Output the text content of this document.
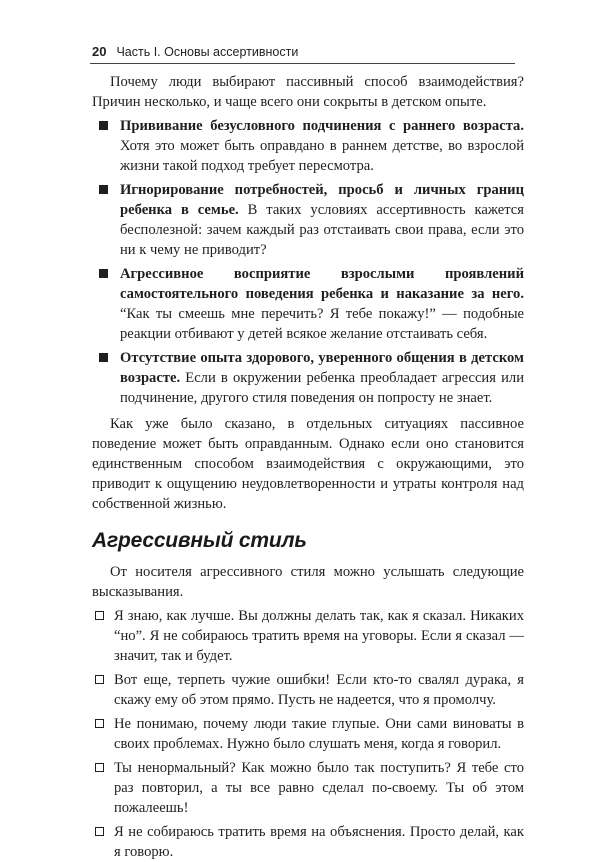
20 Часть I. Основы ассертивности

Почему люди выбирают пассивный способ взаимодействия? Причин несколько, и чаще всего они сокрыты в детском опыте.

Прививание безусловного подчинения с раннего возраста. Хотя это может быть оправдано в раннем детстве, во взрослой жизни такой подход требует пересмотра.
Игнорирование потребностей, просьб и личных границ ребенка в семье. В таких условиях ассертивность кажется бесполезной: зачем каждый раз отстаивать свои права, если это ни к чему не приводит?
Агрессивное восприятие взрослыми проявлений самостоятельного поведения ребенка и наказание за него. “Как ты смеешь мне перечить? Я тебе покажу!” — подобные реакции отбивают у детей всякое желание отстаивать себя.
Отсутствие опыта здорового, уверенного общения в детском возрасте. Если в окружении ребенка преобладает агрессия или подчинение, другого стиля поведения он попросту не знает.

Как уже было сказано, в отдельных ситуациях пассивное поведение может быть оправданным. Однако если оно становится единственным способом взаимодействия с окружающими, это приводит к ощущению неудовлетворенности и утраты контроля над собственной жизнью.

Агрессивный стиль

От носителя агрессивного стиля можно услышать следующие высказывания.

Я знаю, как лучше. Вы должны делать так, как я сказал. Никаких “но”. Я не собираюсь тратить время на уговоры. Если я сказал — значит, так и будет.
Вот еще, терпеть чужие ошибки! Если кто-то свалял дурака, я скажу ему об этом прямо. Пусть не надеется, что я промолчу.
Не понимаю, почему люди такие глупые. Они сами виноваты в своих проблемах. Нужно было слушать меня, когда я говорил.
Ты ненормальный? Как можно было так поступить? Я тебе сто раз повторил, а ты все равно сделал по-своему. Ты об этом пожалеешь!
Я не собираюсь тратить время на объяснения. Просто делай, как я говорю.
